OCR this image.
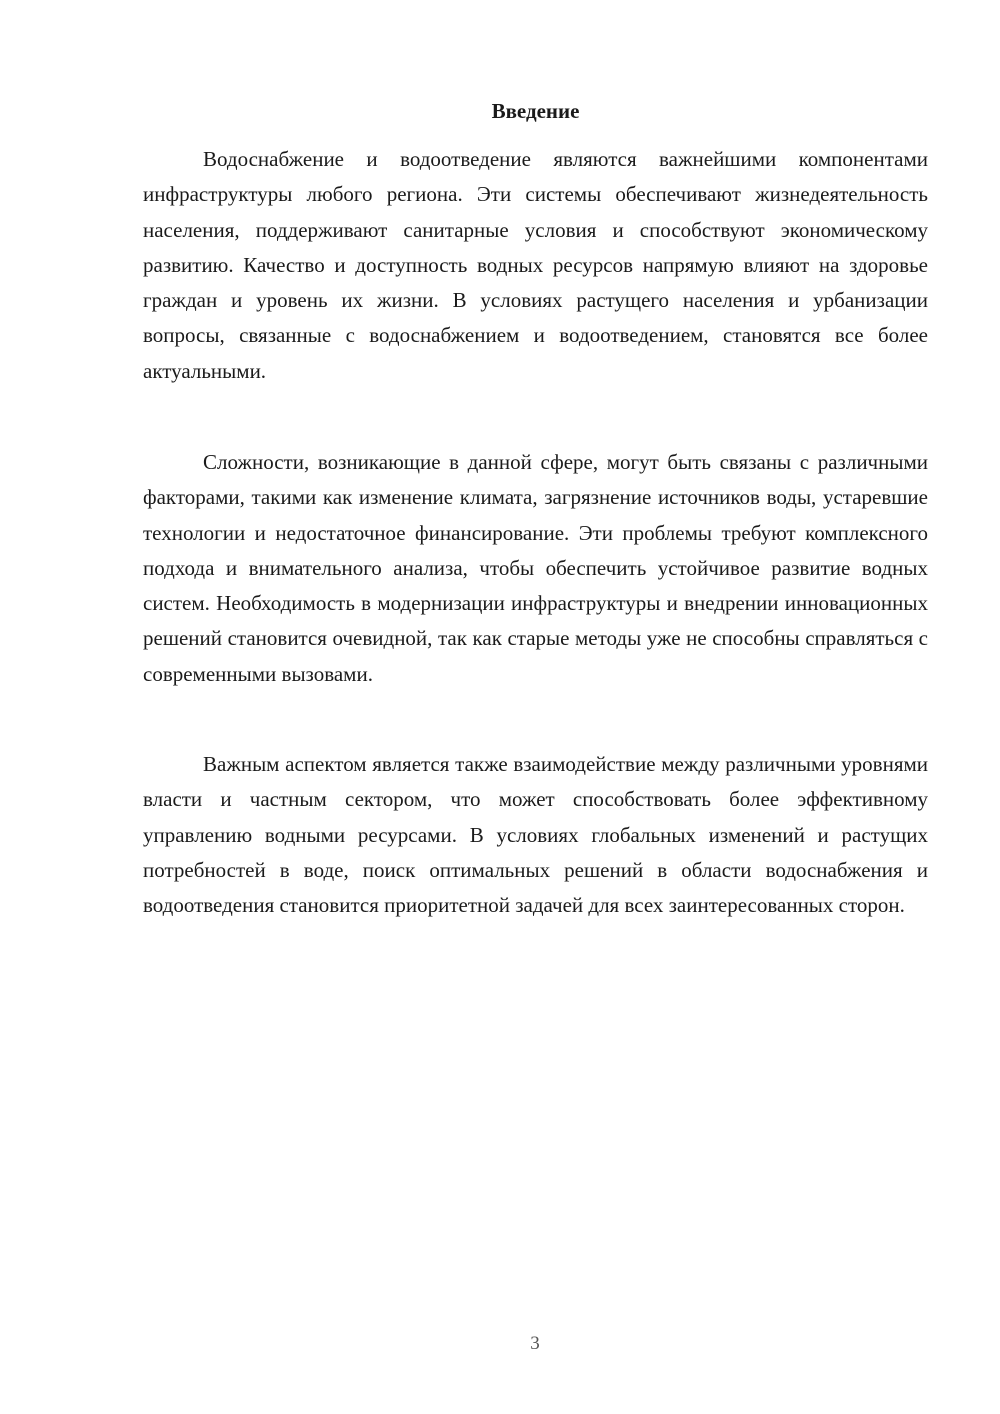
Введение

Водоснабжение и водоотведение являются важнейшими компонентами инфраструктуры любого региона. Эти системы обеспечивают жизнедеятельность населения, поддерживают санитарные условия и способствуют экономическому развитию. Качество и доступность водных ресурсов напрямую влияют на здоровье граждан и уровень их жизни. В условиях растущего населения и урбанизации вопросы, связанные с водоснабжением и водоотведением, становятся все более актуальными.

Сложности, возникающие в данной сфере, могут быть связаны с различными факторами, такими как изменение климата, загрязнение источников воды, устаревшие технологии и недостаточное финансирование. Эти проблемы требуют комплексного подхода и внимательного анализа, чтобы обеспечить устойчивое развитие водных систем. Необходимость в модернизации инфраструктуры и внедрении инновационных решений становится очевидной, так как старые методы уже не способны справляться с современными вызовами.

Важным аспектом является также взаимодействие между различными уровнями власти и частным сектором, что может способствовать более эффективному управлению водными ресурсами. В условиях глобальных изменений и растущих потребностей в воде, поиск оптимальных решений в области водоснабжения и водоотведения становится приоритетной задачей для всех заинтересованных сторон.

3
